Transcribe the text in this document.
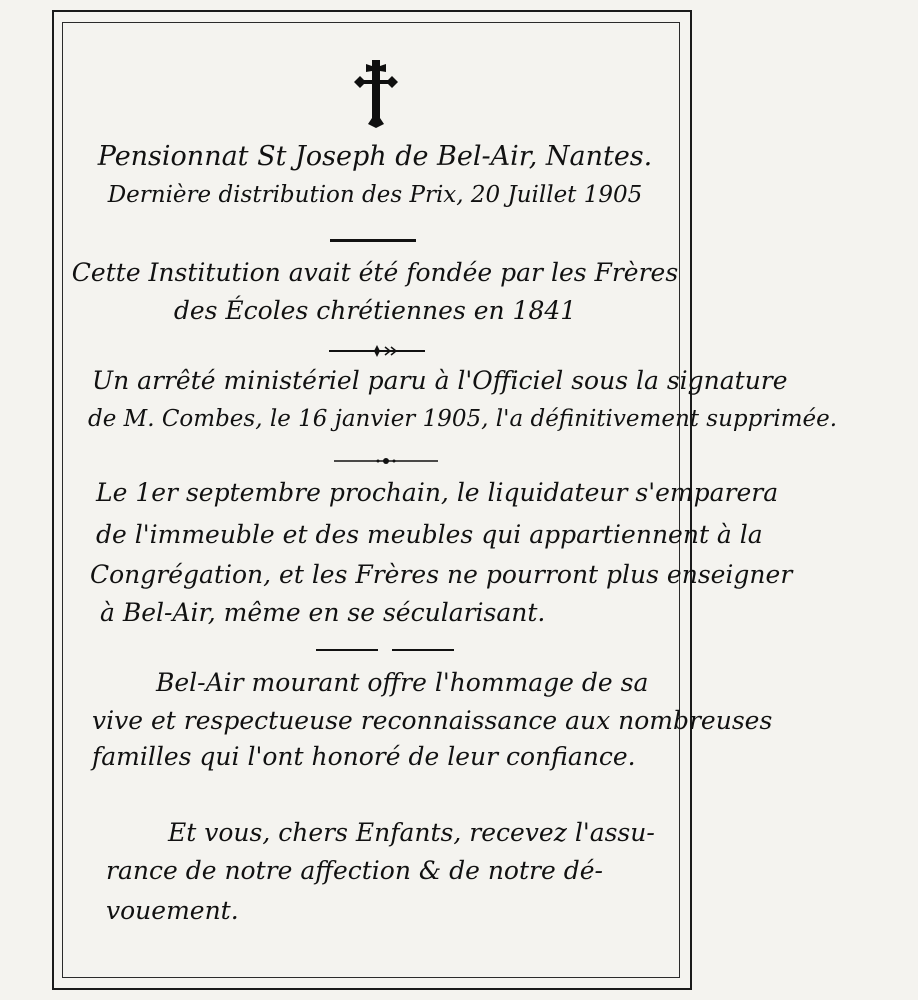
Pensionnat St Joseph de Bel-Air, Nantes.
Dernière distribution des Prix, 20 Juillet 1905
Cette Institution avait été fondée par les Frères
des Écoles chrétiennes en 1841
Un arrêté ministériel paru à l'Officiel sous la signature
de M. Combes, le 16 janvier 1905, l'a définitivement supprimée.
Le 1er septembre prochain, le liquidateur s'emparera
de l'immeuble et des meubles qui appartiennent à la
Congrégation, et les Frères ne pourront plus enseigner
à Bel-Air, même en se sécularisant.
Bel-Air mourant offre l'hommage de sa
vive et respectueuse reconnaissance aux nombreuses
familles qui l'ont honoré de leur confiance.
Et vous, chers Enfants, recevez l'assu-
rance de notre affection & de notre dé-
vouement.
